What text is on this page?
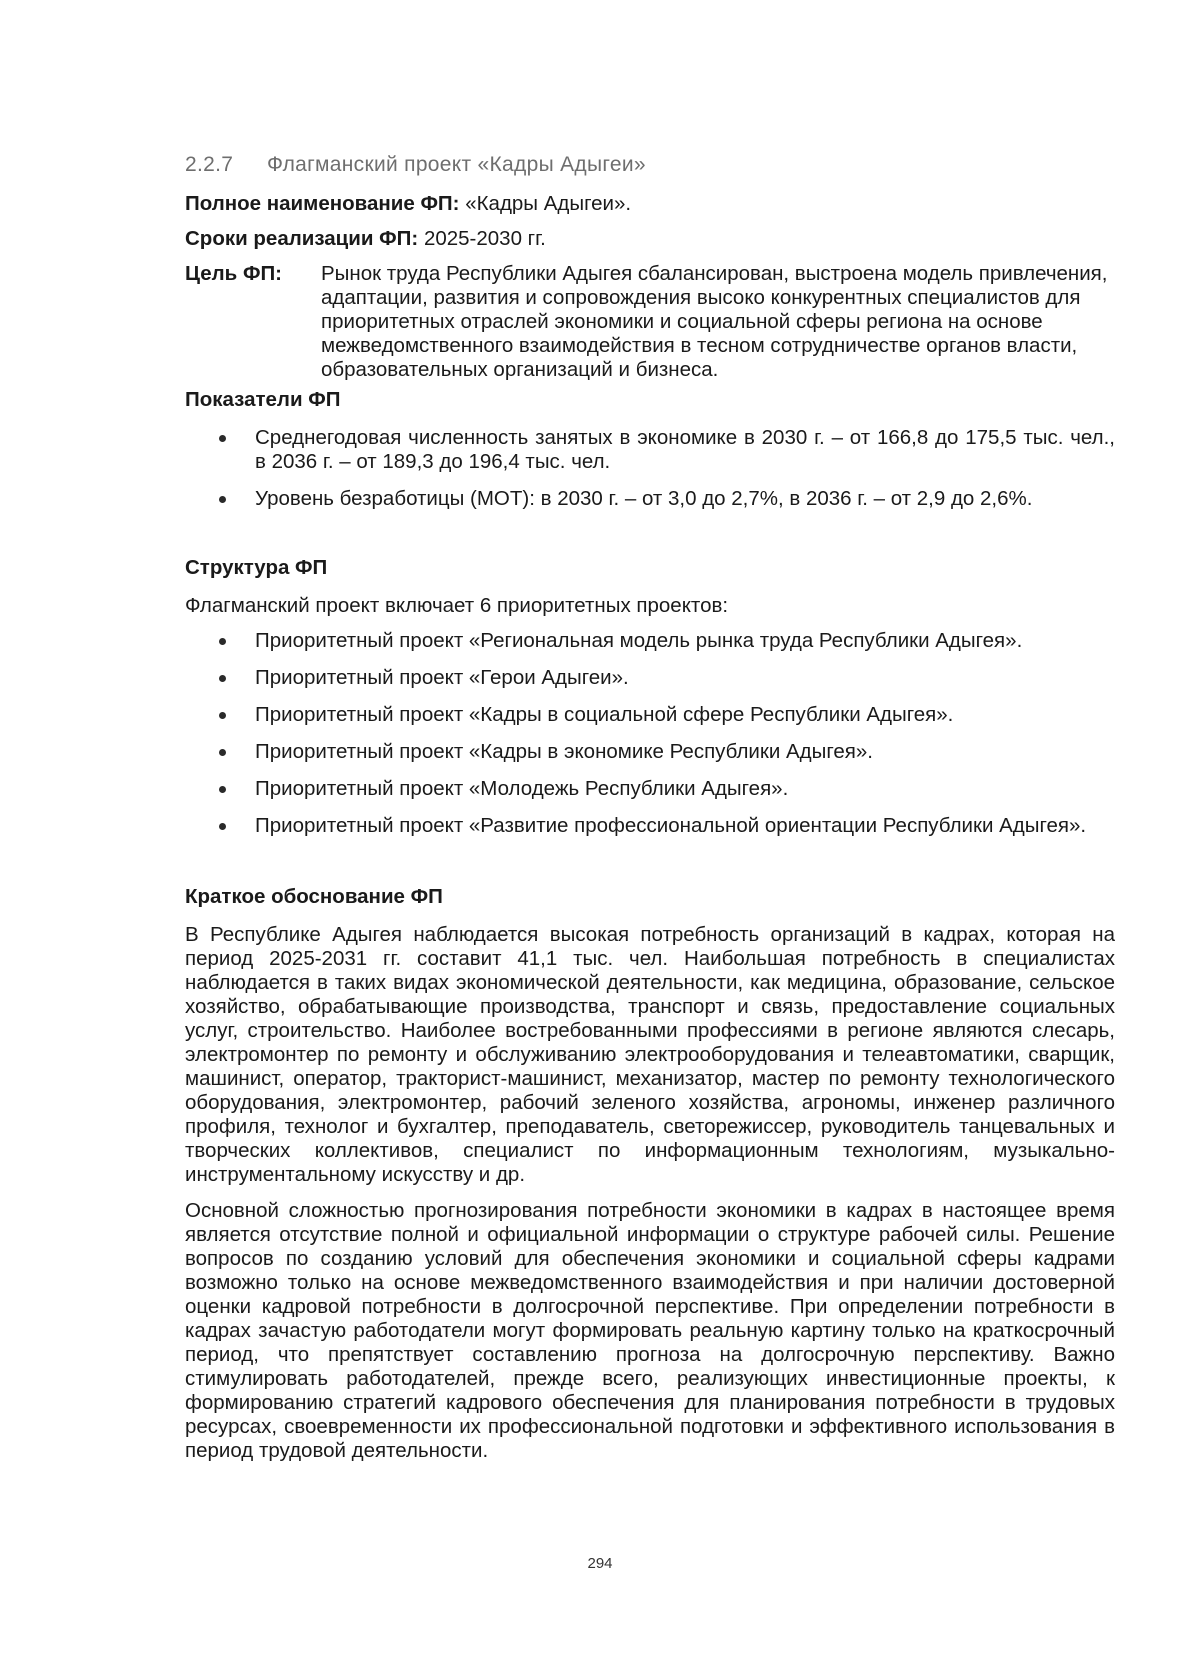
2.2.7 Флагманский проект «Кадры Адыгеи»

Полное наименование ФП: «Кадры Адыгеи».

Сроки реализации ФП: 2025-2030 гг.

Цель ФП:	Рынок труда Республики Адыгея сбалансирован, выстроена модель привлечения, адаптации, развития и сопровождения высоко конкурентных специалистов для приоритетных отраслей экономики и социальной сферы региона на основе межведомственного взаимодействия в тесном сотрудничестве органов власти, образовательных организаций и бизнеса.

Показатели ФП

Среднегодовая численность занятых в экономике в 2030 г. – от 166,8 до 175,5 тыс. чел., в 2036 г. – от 189,3 до 196,4 тыс. чел.
Уровень безработицы (МОТ): в 2030 г. – от 3,0 до 2,7%, в 2036 г. – от 2,9 до 2,6%.

Структура ФП

Флагманский проект включает 6 приоритетных проектов:

Приоритетный проект «Региональная модель рынка труда Республики Адыгея».
Приоритетный проект «Герои Адыгеи».
Приоритетный проект «Кадры в социальной сфере Республики Адыгея».
Приоритетный проект «Кадры в экономике Республики Адыгея».
Приоритетный проект «Молодежь Республики Адыгея».
Приоритетный проект «Развитие профессиональной ориентации Республики Адыгея».

Краткое обоснование ФП

В Республике Адыгея наблюдается высокая потребность организаций в кадрах, которая на период 2025-2031 гг. составит 41,1 тыс. чел. Наибольшая потребность в специалистах наблюдается в таких видах экономической деятельности, как медицина, образование, сельское хозяйство, обрабатывающие производства, транспорт и связь, предоставление социальных услуг, строительство. Наиболее востребованными профессиями в регионе являются слесарь, электромонтер по ремонту и обслуживанию электрооборудования и телеавтоматики, сварщик, машинист, оператор, тракторист-машинист, механизатор, мастер по ремонту технологического оборудования, электромонтер, рабочий зеленого хозяйства, агрономы, инженер различного профиля, технолог и бухгалтер, преподаватель, светорежиссер, руководитель танцевальных и творческих коллективов, специалист по информационным технологиям, музыкально-инструментальному искусству и др.

Основной сложностью прогнозирования потребности экономики в кадрах в настоящее время является отсутствие полной и официальной информации о структуре рабочей силы. Решение вопросов по созданию условий для обеспечения экономики и социальной сферы кадрами возможно только на основе межведомственного взаимодействия и при наличии достоверной оценки кадровой потребности в долгосрочной перспективе. При определении потребности в кадрах зачастую работодатели могут формировать реальную картину только на краткосрочный период, что препятствует составлению прогноза на долгосрочную перспективу. Важно стимулировать работодателей, прежде всего, реализующих инвестиционные проекты, к формированию стратегий кадрового обеспечения для планирования потребности в трудовых ресурсах, своевременности их профессиональной подготовки и эффективного использования в период трудовой деятельности.

294
